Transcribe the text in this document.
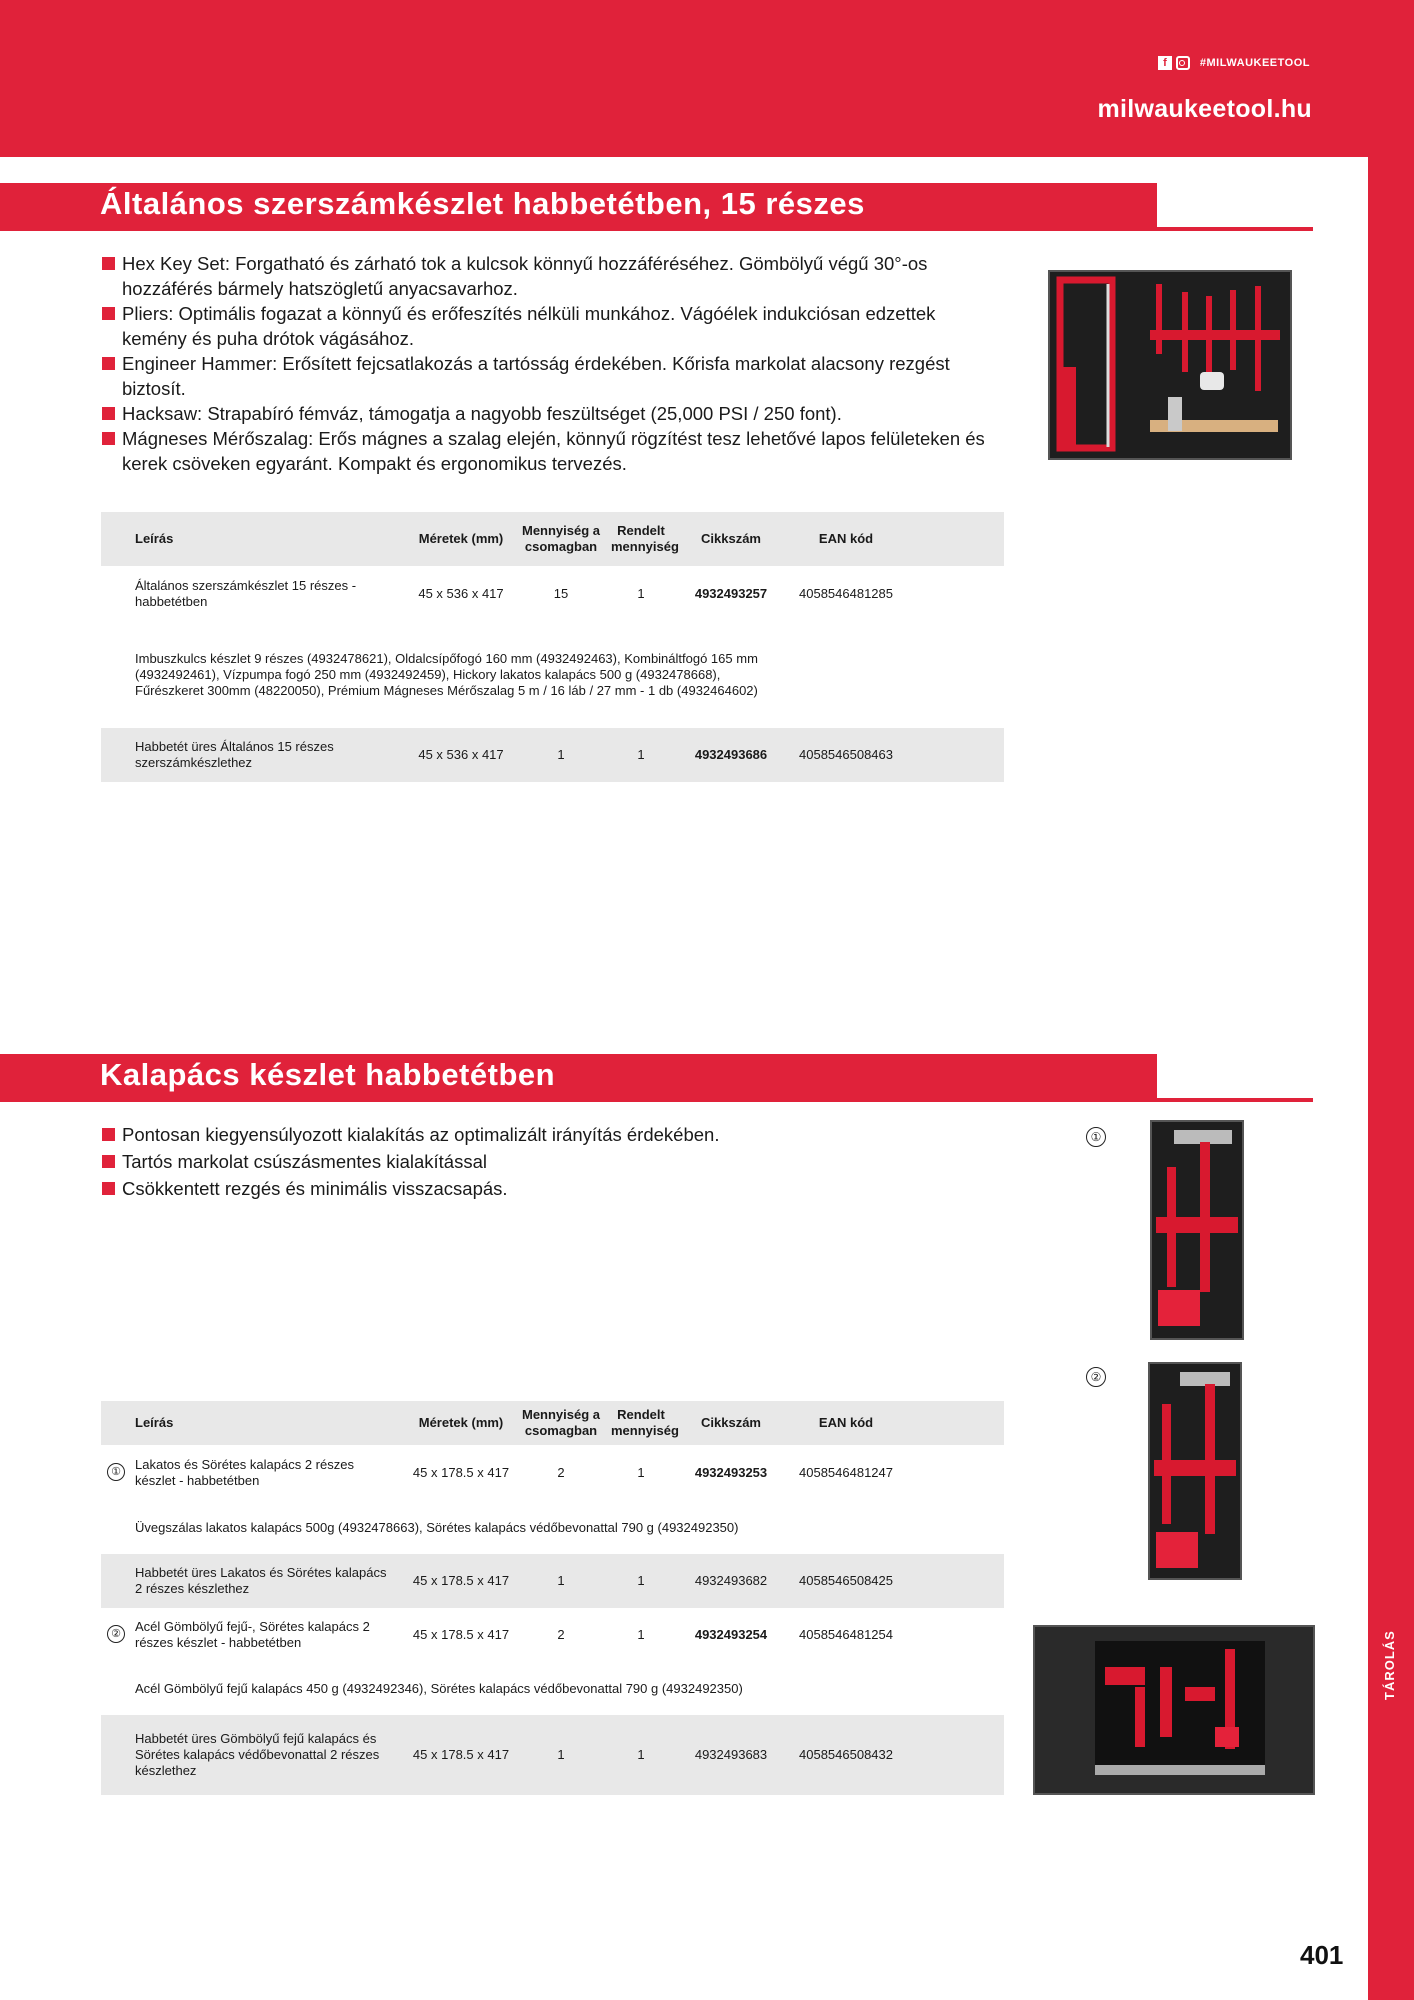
f	#MILWAUKEETOOL
milwaukeetool.hu
TÁROLÁS
Általános szerszámkészlet habbetétben, 15 részes
Hex Key Set: Forgatható és zárható tok a kulcsok könnyű hozzáféréséhez. Gömbölyű végű 30°-os hozzáférés bármely hatszögletű anyacsavarhoz.
Pliers: Optimális fogazat a könnyű és erőfeszítés nélküli munkához. Vágóélek indukciósan edzettek kemény és puha drótok vágásához.
Engineer Hammer: Erősített fejcsatlakozás a tartósság érdekében. Kőrisfa markolat alacsony rezgést biztosít.
Hacksaw: Strapabíró fémváz, támogatja a nagyobb feszültséget (25,000 PSI / 250 font).
Mágneses Mérőszalag: Erős mágnes a szalag elején, könnyű rögzítést tesz lehetővé lapos felületeken és kerek csöveken egyaránt. Kompakt és ergonomikus tervezés.
Leírás	Méretek (mm)	Mennyiség a csomagban	Rendelt mennyiség	Cikkszám	EAN kód	
Általános szerszámkészlet 15 részes - habbetétben	45 x 536 x 417	15	1	4932493257	4058546481285	
Imbuszkulcs készlet 9 részes (4932478621), Oldalcsípőfogó 160 mm (4932492463), Kombináltfogó 165 mm (4932492461), Vízpumpa fogó 250 mm (4932492459), Hickory lakatos kalapács 500 g (4932478668), Fűrészkeret 300mm (48220050), Prémium Mágneses Mérőszalag 5 m / 16 láb / 27 mm - 1 db (4932464602)						
Habbetét üres Általános 15 részes szerszámkészlethez	45 x 536 x 417	1	1	4932493686	4058546508463	
Kalapács készlet habbetétben
Pontosan kiegyensúlyozott kialakítás az optimalizált irányítás érdekében.
Tartós markolat csúszásmentes kialakítással
Csökkentett rezgés és minimális visszacsapás.
①
②
Leírás	Méretek (mm)	Mennyiség a csomagban	Rendelt mennyiség	Cikkszám	EAN kód	

① Lakatos és Sörétes kalapács 2 részes készlet - habbetétben	45 x 178.5 x 417	2	1	4932493253	4058546481247	
Üvegszálas lakatos kalapács 500g (4932478663), Sörétes kalapács védőbevonattal 790 g (4932492350)						
Habbetét üres Lakatos és Sörétes kalapács 2 részes készlethez	45 x 178.5 x 417	1	1	4932493682	4058546508425	

② Acél Gömbölyű fejű-, Sörétes kalapács 2 részes készlet - habbetétben	45 x 178.5 x 417	2	1	4932493254	4058546481254	
Acél Gömbölyű fejű kalapács 450 g (4932492346), Sörétes kalapács védőbevonattal 790 g (4932492350)						
Habbetét üres Gömbölyű fejű kalapács és Sörétes kalapács védőbevonattal 2 részes készlethez	45 x 178.5 x 417	1	1	4932493683	4058546508432	
401
